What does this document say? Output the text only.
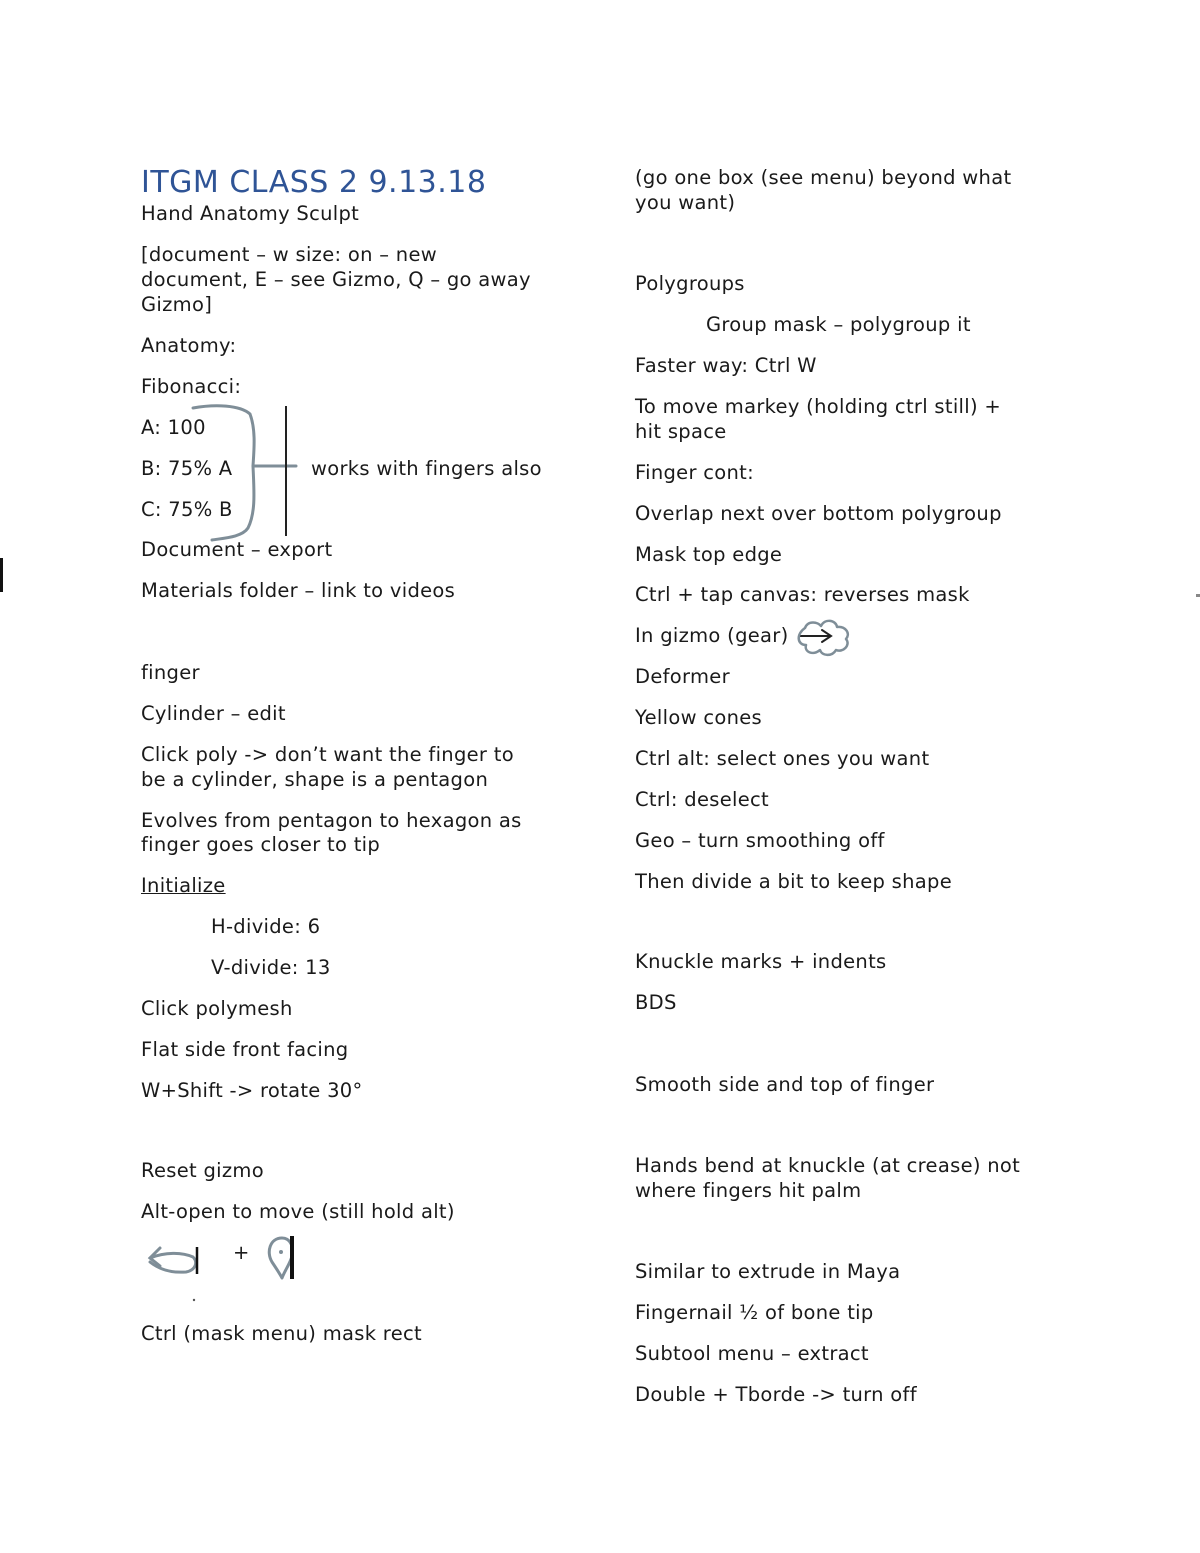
ITGM CLASS 2 9.13.18
Hand Anatomy Sculpt
[document – w size: on – new
document, E – see Gizmo, Q – go away
Gizmo]
Anatomy:
Fibonacci:
A: 100
B: 75% A
C: 75% B
works with fingers also
Document – export
Materials folder – link to videos
finger
Cylinder – edit
Click poly -> don’t want the finger to
be a cylinder, shape is a pentagon
Evolves from pentagon to hexagon as
finger goes closer to tip
Initialize
H-divide: 6
V-divide: 13
Click polymesh
Flat side front facing
W+Shift -> rotate 30°
Reset gizmo
Alt-open to move (still hold alt)
+
Ctrl (mask menu) mask rect
(go one box (see menu) beyond what
you want)
Polygroups
Group mask – polygroup it
Faster way: Ctrl W
To move markey (holding ctrl still) +
hit space
Finger cont:
Overlap next over bottom polygroup
Mask top edge
Ctrl + tap canvas: reverses mask
In gizmo (gear)
Deformer
Yellow cones
Ctrl alt: select ones you want
Ctrl: deselect
Geo – turn smoothing off
Then divide a bit to keep shape
Knuckle marks + indents
BDS
Smooth side and top of finger
Hands bend at knuckle (at crease) not
where fingers hit palm
Similar to extrude in Maya
Fingernail ½ of bone tip
Subtool menu – extract
Double + Tborde -> turn off
